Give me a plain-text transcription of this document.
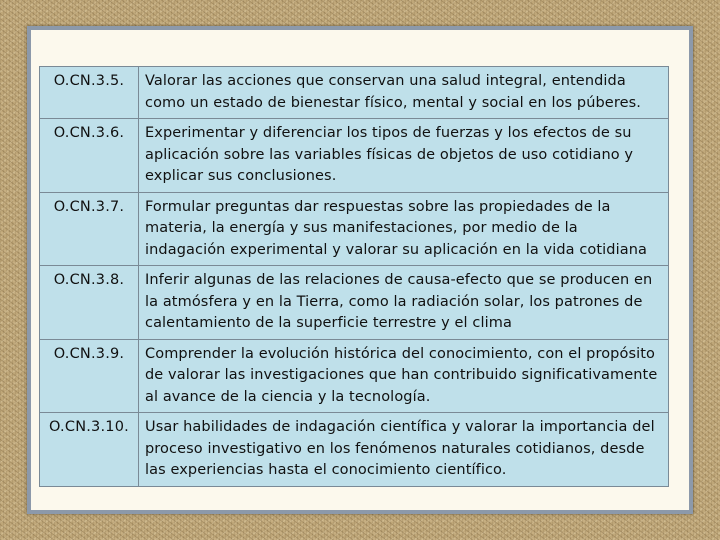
O.CN.3.5.	Valorar las acciones que conservan una salud integral, entendida como un estado de bienestar físico, mental y social en los púberes.
O.CN.3.6.	Experimentar y diferenciar los tipos de fuerzas y los efectos de su aplicación sobre las variables físicas de objetos de uso cotidiano y explicar sus conclusiones.
O.CN.3.7.	Formular preguntas dar respuestas sobre las propiedades de la materia, la energía y sus manifestaciones, por medio de la indagación experimental y valorar su aplicación en la vida cotidiana
O.CN.3.8.	Inferir algunas de las relaciones de causa-efecto que se producen en la atmósfera y en la Tierra, como la radiación solar, los patrones de calentamiento de la superficie terrestre y el clima
O.CN.3.9.	Comprender la evolución histórica del conocimiento, con el propósito de valorar las investigaciones que han contribuido significativamente al avance de la ciencia y la tecnología.
O.CN.3.10.	Usar habilidades de indagación científica y valorar la importancia del proceso investigativo en los fenómenos naturales cotidianos, desde las experiencias hasta el conocimiento científico.
